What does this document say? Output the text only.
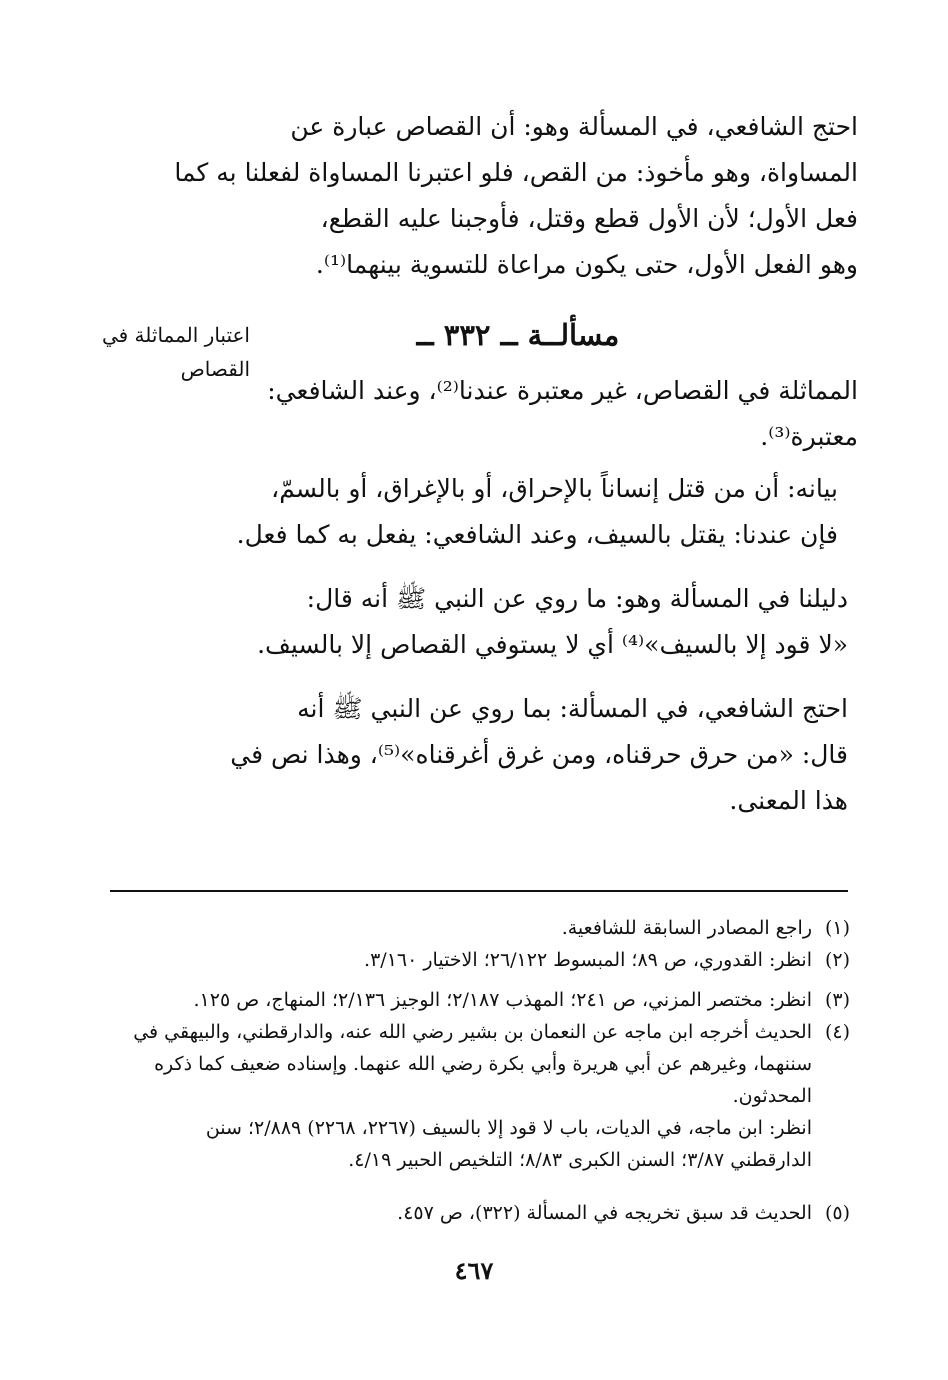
احتج الشافعي، في المسألة وهو: أن القصاص عبارة عن
المساواة، وهو مأخوذ: من القص، فلو اعتبرنا المساواة لفعلنا به كما
فعل الأول؛ لأن الأول قطع وقتل، فأوجبنا عليه القطع،
وهو الفعل الأول، حتى يكون مراعاة للتسوية بينهما⁽¹⁾.
مسألــة ــ ٣٣٢ ــ
اعتبار المماثلة في القصاص
المماثلة في القصاص، غير معتبرة عندنا⁽²⁾، وعند الشافعي:
معتبرة⁽³⁾.
بيانه: أن من قتل إنساناً بالإحراق، أو بالإغراق، أو بالسمّ،
فإن عندنا: يقتل بالسيف، وعند الشافعي: يفعل به كما فعل.
دليلنا في المسألة وهو: ما روي عن النبي ﷺ أنه قال:
«لا قود إلا بالسيف»⁽⁴⁾ أي لا يستوفي القصاص إلا بالسيف.
احتج الشافعي، في المسألة: بما روي عن النبي ﷺ أنه
قال: «من حرق حرقناه، ومن غرق أغرقناه»⁽⁵⁾، وهذا نص في
هذا المعنى.
(١)راجع المصادر السابقة للشافعية.
(٢)انظر: القدوري، ص ٨٩؛ المبسوط ٢٦/١٢٢؛ الاختيار ٣/١٦٠.
(٣)انظر: مختصر المزني، ص ٢٤١؛ المهذب ٢/١٨٧؛ الوجيز ٢/١٣٦؛ المنهاج، ص ١٢٥.
(٤)الحديث أخرجه ابن ماجه عن النعمان بن بشير رضي الله عنه، والدارقطني، والبيهقي في
سننهما، وغيرهم عن أبي هريرة وأبي بكرة رضي الله عنهما. وإسناده ضعيف كما ذكره
المحدثون.
انظر: ابن ماجه، في الديات، باب لا قود إلا بالسيف (٢٢٦٧، ٢٢٦٨) ٢/٨٨٩؛ سنن
الدارقطني ٣/٨٧؛ السنن الكبرى ٨/٨٣؛ التلخيص الحبير ٤/١٩.
(٥)الحديث قد سبق تخريجه في المسألة (٣٢٢)، ص ٤٥٧.
٤٦٧
